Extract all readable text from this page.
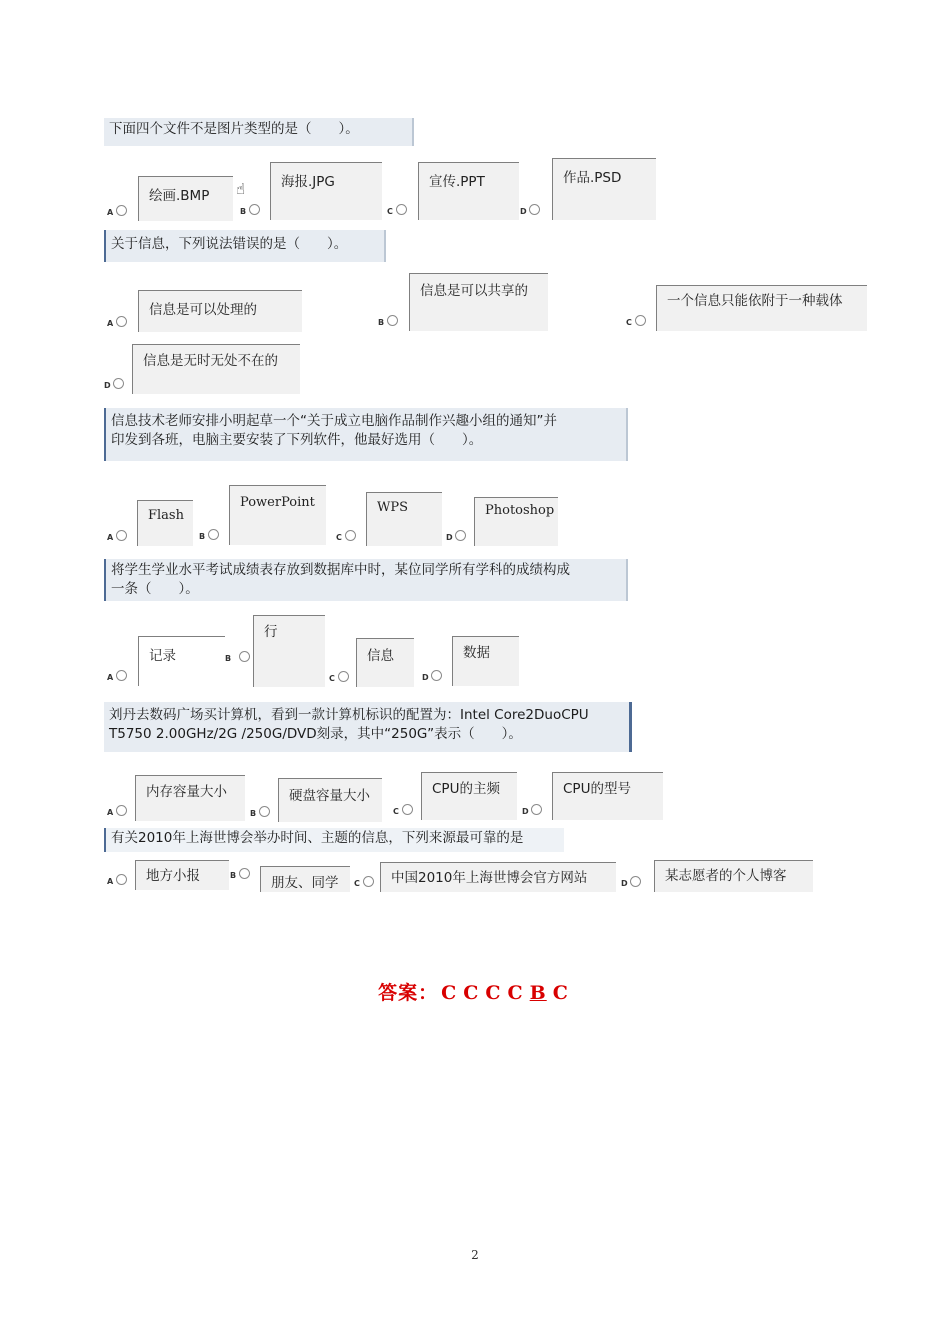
下面四个文件不是图片类型的是（　　）。
A
绘画.BMP ☝
B
海报.JPG
C
宣传.PPT
D
作品.PSD
关于信息，下列说法错误的是（　　）。
A
信息是可以处理的
B
信息是可以共享的
C
一个信息只能依附于一种载体
D
信息是无时无处不在的
信息技术老师安排小明起草一个“关于成立电脑作品制作兴趣小组的通知”并
印发到各班，电脑主要安装了下列软件，他最好选用（　　）。
A
Flash
B
PowerPoint
C
WPS
D
Photoshop
将学生学业水平考试成绩表存放到数据库中时，某位同学所有学科的成绩构成
一条（　　）。
A
记录	B
行
C
信息
D
数据
刘丹去数码广场买计算机，看到一款计算机标识的配置为：Intel Core2DuoCPU
T5750 2.00GHz/2G /250G/DVD刻录，其中“250G”表示（　　）。
A
内存容量大小
B
硬盘容量大小
C
CPU的主频
D
CPU的型号
有关2010年上海世博会举办时间、主题的信息，下列来源最可靠的是
A	地方小报	B	朋友、同学	C	中国2010年上海世博会官方网站	D	某志愿者的个人博客
答案： C C C C B C
2
